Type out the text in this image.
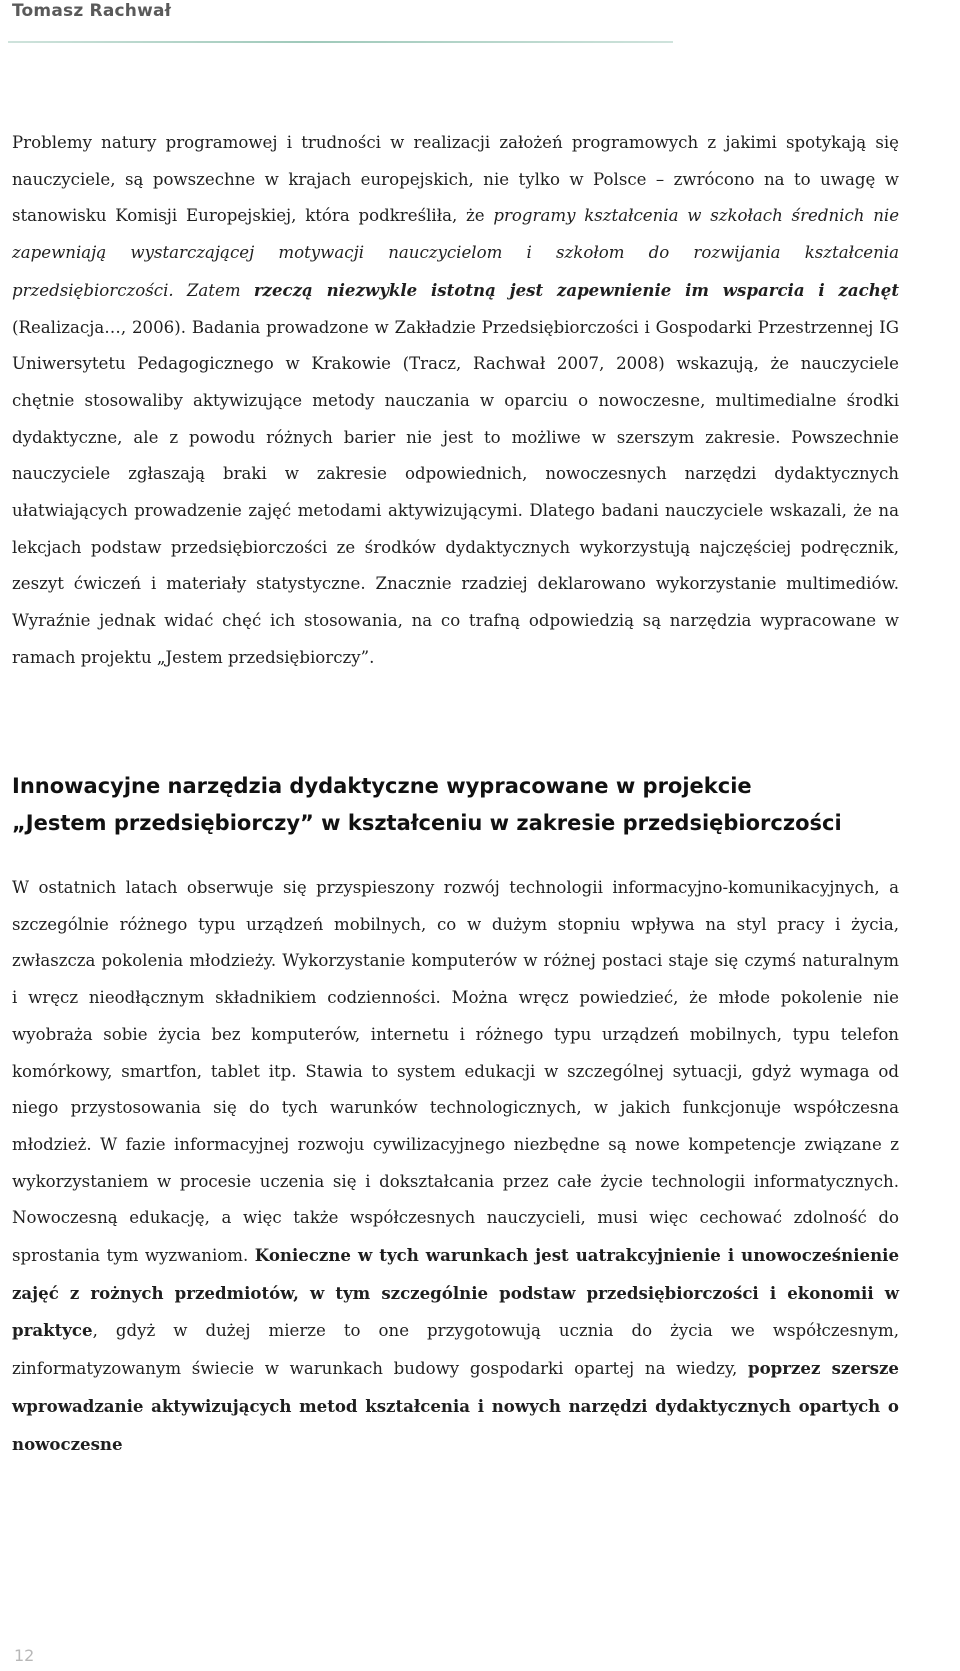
Tomasz Rachwał

Problemy natury programowej i trudności w realizacji założeń programowych z jakimi spotykają się nauczyciele, są powszechne w krajach europejskich, nie tylko w Polsce – zwrócono na to uwagę w stanowisku Komisji Europejskiej, która podkreśliła, że programy kształcenia w szkołach średnich nie zapewniają wystarczającej motywacji nauczycielom i szkołom do rozwijania kształcenia przedsiębiorczości. Zatem rzeczą niezwykle istotną jest zapewnienie im wsparcia i zachęt (Realizacja…, 2006). Badania prowadzone w Zakładzie Przedsiębiorczości i Gospodarki Przestrzennej IG Uniwersytetu Pedagogicznego w Krakowie (Tracz, Rachwał 2007, 2008) wskazują, że nauczyciele chętnie stosowaliby aktywizujące metody nauczania w oparciu o nowoczesne, multimedialne środki dydaktyczne, ale z powodu różnych barier nie jest to możliwe w szerszym zakresie. Powszechnie nauczyciele zgłaszają braki w zakresie odpowiednich, nowoczesnych narzędzi dydaktycznych ułatwiających prowadzenie zajęć metodami aktywizującymi. Dlatego badani nauczyciele wskazali, że na lekcjach podstaw przedsiębiorczości ze środków dydaktycznych wykorzystują najczęściej podręcznik, zeszyt ćwiczeń i materiały statystyczne. Znacznie rzadziej deklarowano wykorzystanie multimediów. Wyraźnie jednak widać chęć ich stosowania, na co trafną odpowiedzią są narzędzia wypracowane w ramach projektu „Jestem przedsiębiorczy”.

Innowacyjne narzędzia dydaktyczne wypracowane w projekcie
„Jestem przedsiębiorczy” w kształceniu w zakresie przedsiębiorczości

W ostatnich latach obserwuje się przyspieszony rozwój technologii informacyjno-komunikacyjnych, a szczególnie różnego typu urządzeń mobilnych, co w dużym stopniu wpływa na styl pracy i życia, zwłaszcza pokolenia młodzieży. Wykorzystanie komputerów w różnej postaci staje się czymś naturalnym i wręcz nieodłącznym składnikiem codzienności. Można wręcz powiedzieć, że młode pokolenie nie wyobraża sobie życia bez komputerów, internetu i różnego typu urządzeń mobilnych, typu telefon komórkowy, smartfon, tablet itp. Stawia to system edukacji w szczególnej sytuacji, gdyż wymaga od niego przystosowania się do tych warunków technologicznych, w jakich funkcjonuje współczesna młodzież. W fazie informacyjnej rozwoju cywilizacyjnego niezbędne są nowe kompetencje związane z wykorzystaniem w procesie uczenia się i dokształcania przez całe życie technologii informatycznych. Nowoczesną edukację, a więc także współczesnych nauczycieli, musi więc cechować zdolność do sprostania tym wyzwaniom. Konieczne w tych warunkach jest uatrakcyjnienie i unowocześnienie zajęć z rożnych przedmiotów, w tym szczególnie podstaw przedsiębiorczości i ekonomii w praktyce, gdyż w dużej mierze to one przygotowują ucznia do życia we współczesnym, zinformatyzowanym świecie w warunkach budowy gospodarki opartej na wiedzy, poprzez szersze wprowadzanie aktywizujących metod kształcenia i nowych narzędzi dydaktycznych opartych o nowoczesne

12
